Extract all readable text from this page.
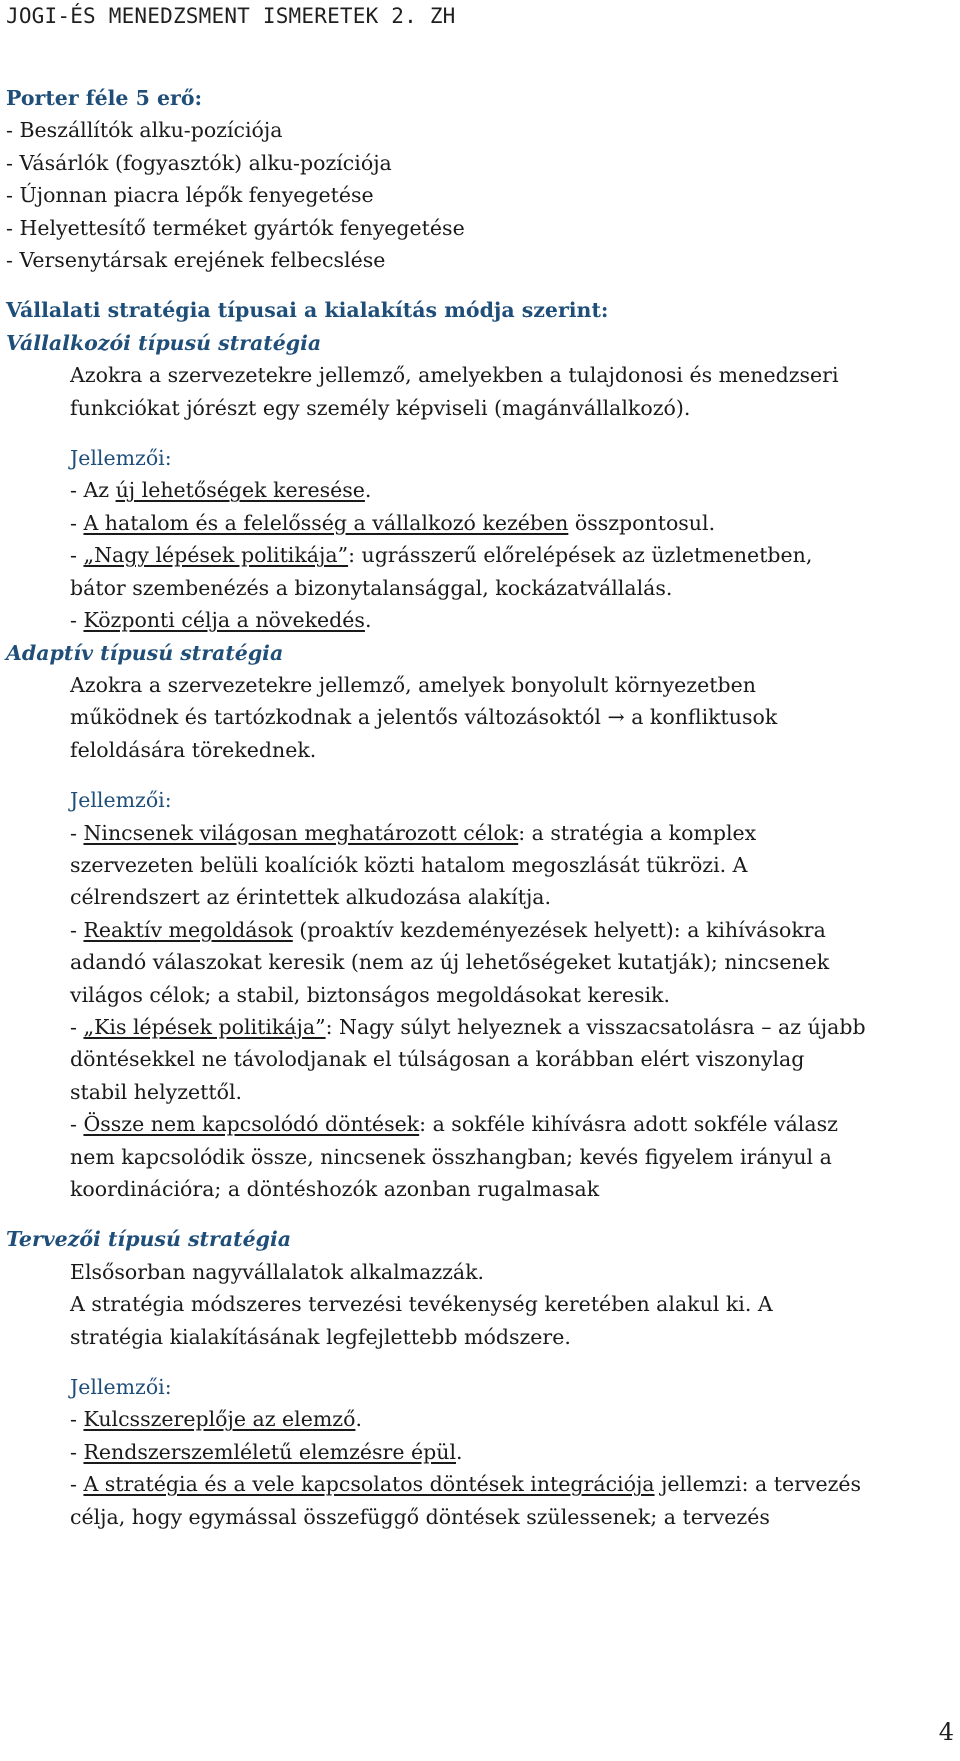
JOGI-ÉS MENEDZSMENT ISMERETEK 2. ZH
Porter féle 5 erő:
- Beszállítók alku-pozíciója
- Vásárlók (fogyasztók) alku-pozíciója
- Újonnan piacra lépők fenyegetése
- Helyettesítő terméket gyártók fenyegetése
- Versenytársak erejének felbecslése
Vállalati stratégia típusai a kialakítás módja szerint:
Vállalkozói típusú stratégia
Azokra a szervezetekre jellemző, amelyekben a tulajdonosi és menedzseri
funkciókat jórészt egy személy képviseli (magánvállalkozó).
Jellemzői:
- Az új lehetőségek keresése.
- A hatalom és a felelősség a vállalkozó kezében összpontosul.
- „Nagy lépések politikája”: ugrásszerű előrelépések az üzletmenetben,
bátor szembenézés a bizonytalansággal, kockázatvállalás.
- Központi célja a növekedés.
Adaptív típusú stratégia
Azokra a szervezetekre jellemző, amelyek bonyolult környezetben
működnek és tartózkodnak a jelentős változásoktól → a konfliktusok
feloldására törekednek.
Jellemzői:
- Nincsenek világosan meghatározott célok: a stratégia a komplex
szervezeten belüli koalíciók közti hatalom megoszlását tükrözi. A
célrendszert az érintettek alkudozása alakítja.
- Reaktív megoldások (proaktív kezdeményezések helyett): a kihívásokra
adandó válaszokat keresik (nem az új lehetőségeket kutatják); nincsenek
világos célok; a stabil, biztonságos megoldásokat keresik.
- „Kis lépések politikája”: Nagy súlyt helyeznek a visszacsatolásra – az újabb
döntésekkel ne távolodjanak el túlságosan a korábban elért viszonylag
stabil helyzettől.
- Össze nem kapcsolódó döntések: a sokféle kihívásra adott sokféle válasz
nem kapcsolódik össze, nincsenek összhangban; kevés figyelem irányul a
koordinációra; a döntéshozók azonban rugalmasak
Tervezői típusú stratégia
Elsősorban nagyvállalatok alkalmazzák.
A stratégia módszeres tervezési tevékenység keretében alakul ki. A
stratégia kialakításának legfejlettebb módszere.
Jellemzői:
- Kulcsszereplője az elemző.
- Rendszerszemléletű elemzésre épül.
- A stratégia és a vele kapcsolatos döntések integrációja jellemzi: a tervezés
célja, hogy egymással összefüggő döntések szülessenek; a tervezés
4
